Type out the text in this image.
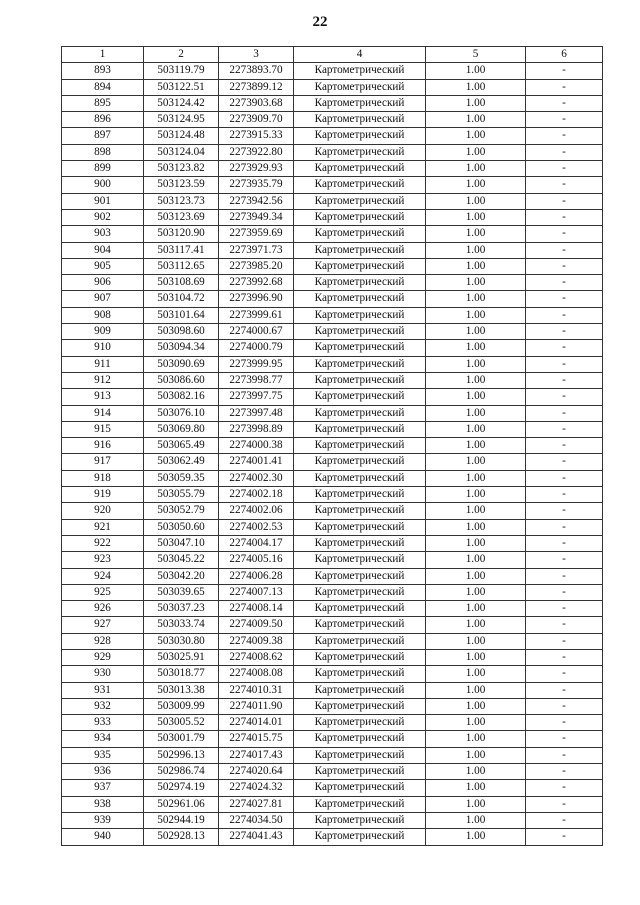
22
1	2	3	4	5	6
893	503119.79	2273893.70	Картометрический	1.00	-
894	503122.51	2273899.12	Картометрический	1.00	-
895	503124.42	2273903.68	Картометрический	1.00	-
896	503124.95	2273909.70	Картометрический	1.00	-
897	503124.48	2273915.33	Картометрический	1.00	-
898	503124.04	2273922.80	Картометрический	1.00	-
899	503123.82	2273929.93	Картометрический	1.00	-
900	503123.59	2273935.79	Картометрический	1.00	-
901	503123.73	2273942.56	Картометрический	1.00	-
902	503123.69	2273949.34	Картометрический	1.00	-
903	503120.90	2273959.69	Картометрический	1.00	-
904	503117.41	2273971.73	Картометрический	1.00	-
905	503112.65	2273985.20	Картометрический	1.00	-
906	503108.69	2273992.68	Картометрический	1.00	-
907	503104.72	2273996.90	Картометрический	1.00	-
908	503101.64	2273999.61	Картометрический	1.00	-
909	503098.60	2274000.67	Картометрический	1.00	-
910	503094.34	2274000.79	Картометрический	1.00	-
911	503090.69	2273999.95	Картометрический	1.00	-
912	503086.60	2273998.77	Картометрический	1.00	-
913	503082.16	2273997.75	Картометрический	1.00	-
914	503076.10	2273997.48	Картометрический	1.00	-
915	503069.80	2273998.89	Картометрический	1.00	-
916	503065.49	2274000.38	Картометрический	1.00	-
917	503062.49	2274001.41	Картометрический	1.00	-
918	503059.35	2274002.30	Картометрический	1.00	-
919	503055.79	2274002.18	Картометрический	1.00	-
920	503052.79	2274002.06	Картометрический	1.00	-
921	503050.60	2274002.53	Картометрический	1.00	-
922	503047.10	2274004.17	Картометрический	1.00	-
923	503045.22	2274005.16	Картометрический	1.00	-
924	503042.20	2274006.28	Картометрический	1.00	-
925	503039.65	2274007.13	Картометрический	1.00	-
926	503037.23	2274008.14	Картометрический	1.00	-
927	503033.74	2274009.50	Картометрический	1.00	-
928	503030.80	2274009.38	Картометрический	1.00	-
929	503025.91	2274008.62	Картометрический	1.00	-
930	503018.77	2274008.08	Картометрический	1.00	-
931	503013.38	2274010.31	Картометрический	1.00	-
932	503009.99	2274011.90	Картометрический	1.00	-
933	503005.52	2274014.01	Картометрический	1.00	-
934	503001.79	2274015.75	Картометрический	1.00	-
935	502996.13	2274017.43	Картометрический	1.00	-
936	502986.74	2274020.64	Картометрический	1.00	-
937	502974.19	2274024.32	Картометрический	1.00	-
938	502961.06	2274027.81	Картометрический	1.00	-
939	502944.19	2274034.50	Картометрический	1.00	-
940	502928.13	2274041.43	Картометрический	1.00	-
